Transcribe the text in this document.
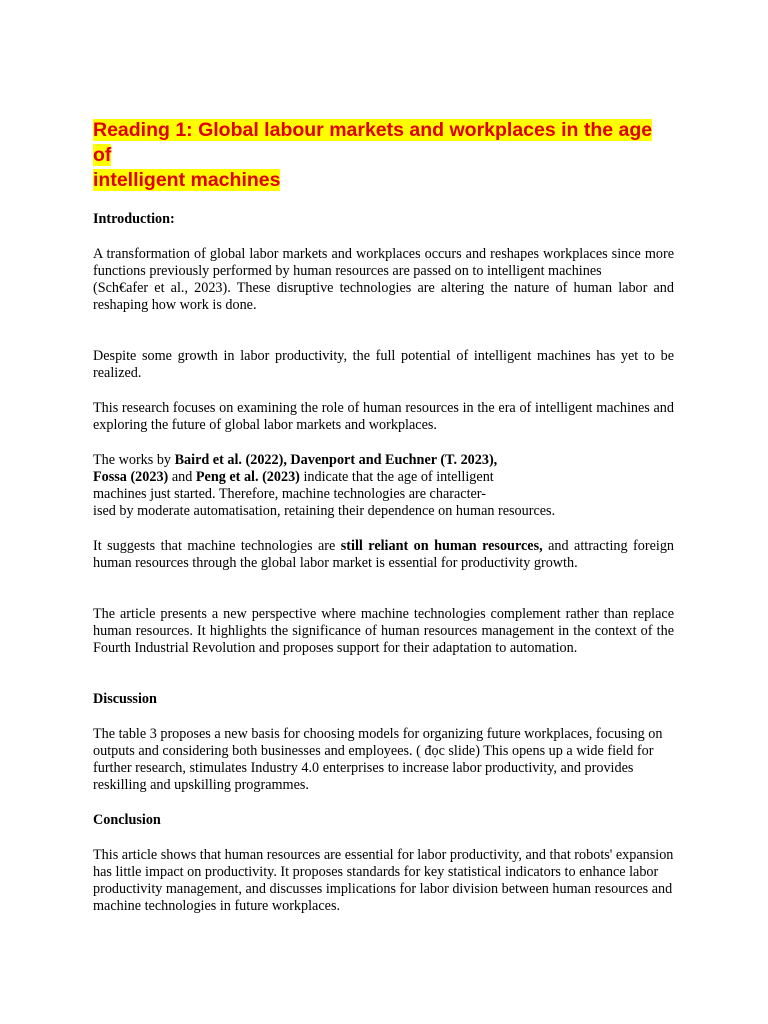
Reading 1: Global labour markets and workplaces in the age of
intelligent machines
Introduction:

A transformation of global labor markets and workplaces occurs and reshapes workplaces since more functions previously performed by human resources are passed on to intelligent machines
(Sch€afer et al., 2023). These disruptive technologies are altering the nature of human labor and reshaping how work is done.

Despite some growth in labor productivity, the full potential of intelligent machines has yet to be realized.

This research focuses on examining the role of human resources in the era of intelligent machines and exploring the future of global labor markets and workplaces.

The works by Baird et al. (2022), Davenport and Euchner (T. 2023),
Fossa (2023) and Peng et al. (2023) indicate that the age of intelligent
machines just started. Therefore, machine technologies are character-
ised by moderate automatisation, retaining their dependence on human resources.

It suggests that machine technologies are still reliant on human resources, and attracting foreign human resources through the global labor market is essential for productivity growth.

The article presents a new perspective where machine technologies complement rather than replace human resources. It highlights the significance of human resources management in the context of the Fourth Industrial Revolution and proposes support for their adaptation to automation.

Discussion

The table 3 proposes a new basis for choosing models for organizing future workplaces, focusing on outputs and considering both businesses and employees. ( đọc slide) This opens up a wide field for further research, stimulates Industry 4.0 enterprises to increase labor productivity, and provides reskilling and upskilling programmes.

Conclusion

This article shows that human resources are essential for labor productivity, and that robots' expansion has little impact on productivity. It proposes standards for key statistical indicators to enhance labor productivity management, and discusses implications for labor division between human resources and machine technologies in future workplaces.
